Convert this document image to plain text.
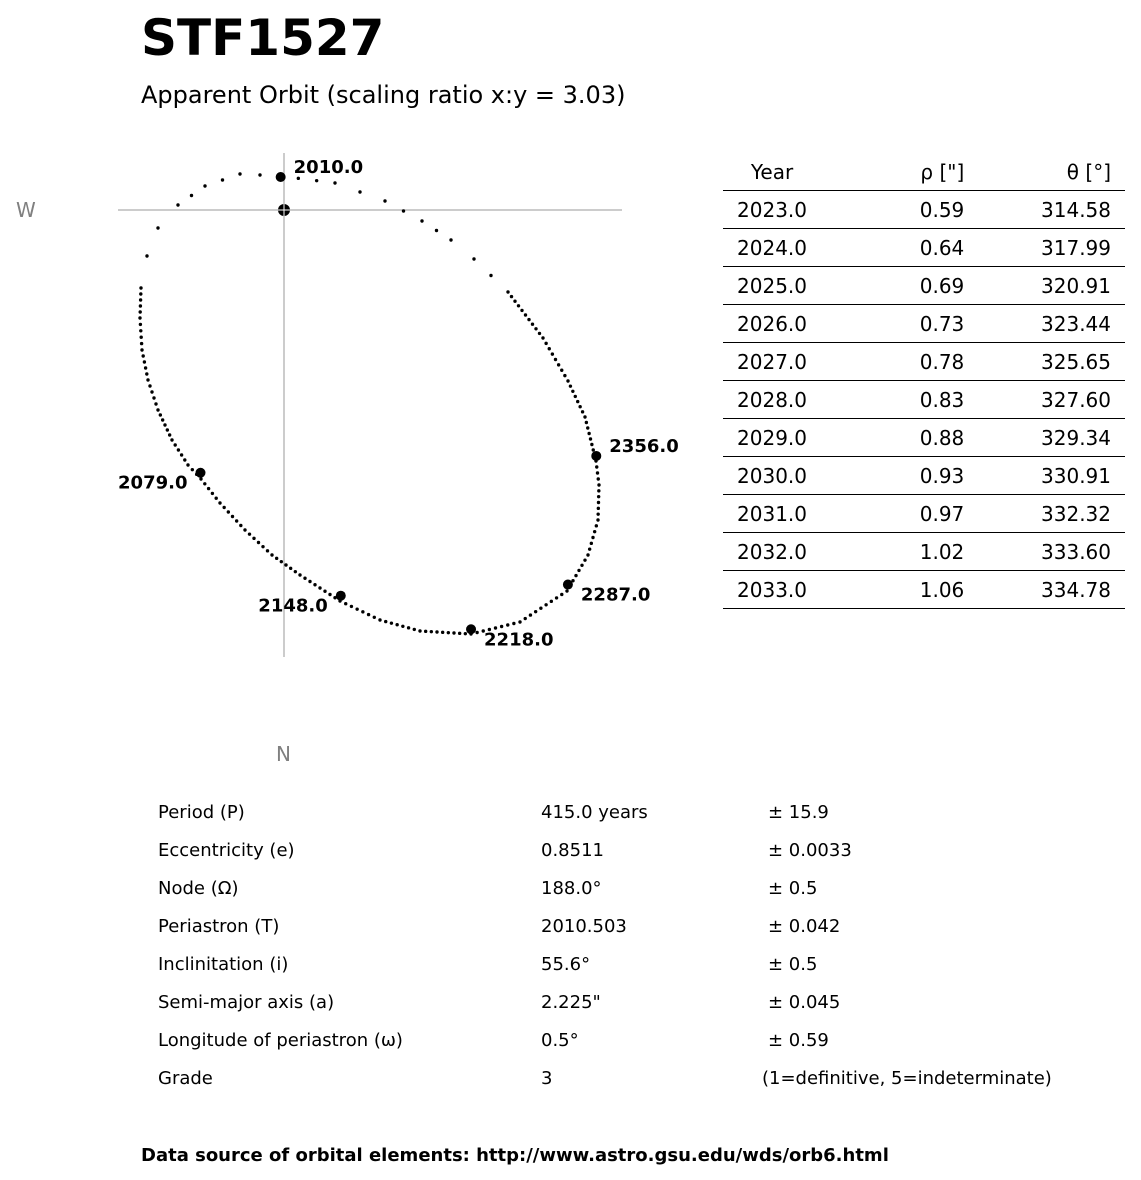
STF1527
Apparent Orbit (scaling ratio x:y = 3.03)
W
N
2010.0
2079.0
2148.0
2218.0
2287.0
2356.0
Year	ρ ["]	θ [°]
2023.0	0.59	314.58
2024.0	0.64	317.99
2025.0	0.69	320.91
2026.0	0.73	323.44
2027.0	0.78	325.65
2028.0	0.83	327.60
2029.0	0.88	329.34
2030.0	0.93	330.91
2031.0	0.97	332.32
2032.0	1.02	333.60
2033.0	1.06	334.78
Period (P)	415.0 years	± 15.9
Eccentricity (e)	0.8511	± 0.0033
Node (Ω)	188.0°	± 0.5
Periastron (T)	2010.503	± 0.042
Inclinitation (i)	55.6°	± 0.5
Semi-major axis (a)	2.225"	± 0.045
Longitude of periastron (ω)	0.5°	± 0.59
Grade	3	(1=definitive, 5=indeterminate)
Data source of orbital elements: http://www.astro.gsu.edu/wds/orb6.html
